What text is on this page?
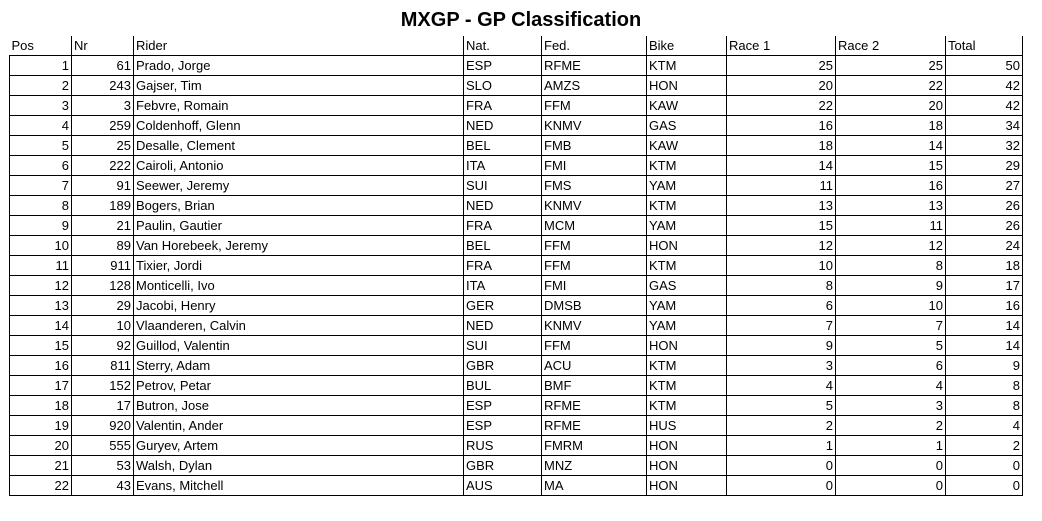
MXGP - GP Classification
Pos	Nr	Rider	Nat.	Fed.	Bike	Race 1	Race 2	Total
1	61	Prado, Jorge	ESP	RFME	KTM	25	25	50
2	243	Gajser, Tim	SLO	AMZS	HON	20	22	42
3	3	Febvre, Romain	FRA	FFM	KAW	22	20	42
4	259	Coldenhoff, Glenn	NED	KNMV	GAS	16	18	34
5	25	Desalle, Clement	BEL	FMB	KAW	18	14	32
6	222	Cairoli, Antonio	ITA	FMI	KTM	14	15	29
7	91	Seewer, Jeremy	SUI	FMS	YAM	11	16	27
8	189	Bogers, Brian	NED	KNMV	KTM	13	13	26
9	21	Paulin, Gautier	FRA	MCM	YAM	15	11	26
10	89	Van Horebeek, Jeremy	BEL	FFM	HON	12	12	24
11	911	Tixier, Jordi	FRA	FFM	KTM	10	8	18
12	128	Monticelli, Ivo	ITA	FMI	GAS	8	9	17
13	29	Jacobi, Henry	GER	DMSB	YAM	6	10	16
14	10	Vlaanderen, Calvin	NED	KNMV	YAM	7	7	14
15	92	Guillod, Valentin	SUI	FFM	HON	9	5	14
16	811	Sterry, Adam	GBR	ACU	KTM	3	6	9
17	152	Petrov, Petar	BUL	BMF	KTM	4	4	8
18	17	Butron, Jose	ESP	RFME	KTM	5	3	8
19	920	Valentin, Ander	ESP	RFME	HUS	2	2	4
20	555	Guryev, Artem	RUS	FMRM	HON	1	1	2
21	53	Walsh, Dylan	GBR	MNZ	HON	0	0	0
22	43	Evans, Mitchell	AUS	MA	HON	0	0	0
